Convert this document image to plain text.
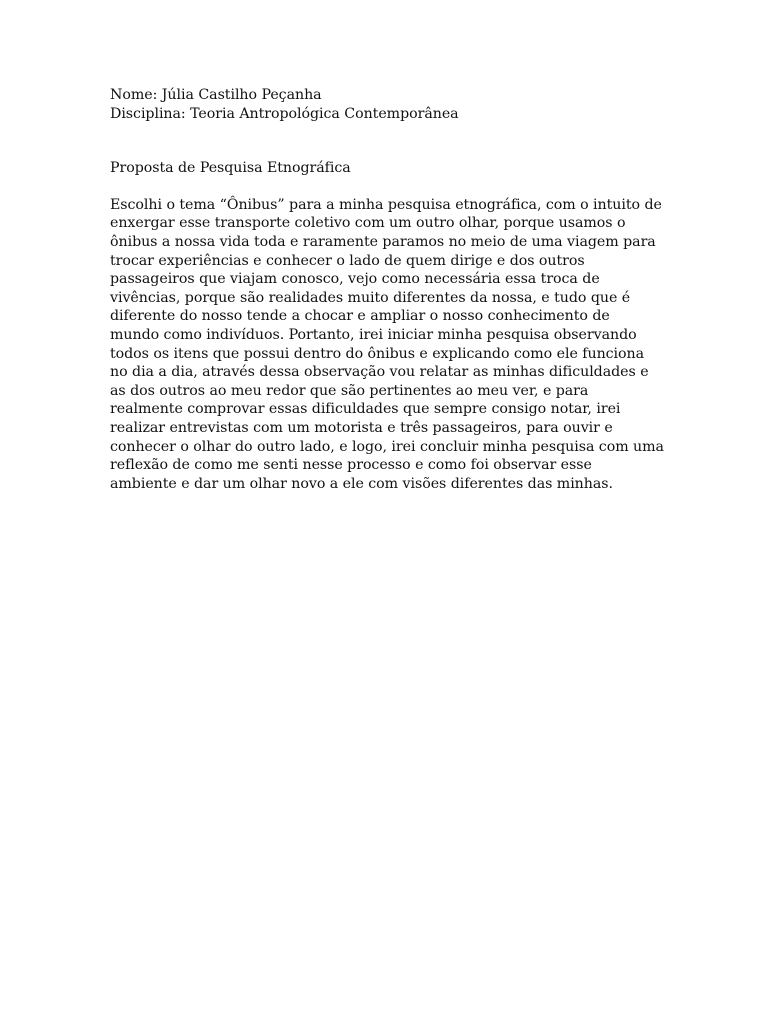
Nome: Júlia Castilho Peçanha
Disciplina: Teoria Antropológica Contemporânea
Proposta de Pesquisa Etnográfica
Escolhi o tema “Ônibus” para a minha pesquisa etnográfica, com o intuito de
enxergar esse transporte coletivo com um outro olhar, porque usamos o
ônibus a nossa vida toda e raramente paramos no meio de uma viagem para
trocar experiências e conhecer o lado de quem dirige e dos outros
passageiros que viajam conosco, vejo como necessária essa troca de
vivências, porque são realidades muito diferentes da nossa, e tudo que é
diferente do nosso tende a chocar e ampliar o nosso conhecimento de
mundo como indivíduos. Portanto, irei iniciar minha pesquisa observando
todos os itens que possui dentro do ônibus e explicando como ele funciona
no dia a dia, através dessa observação vou relatar as minhas dificuldades e
as dos outros ao meu redor que são pertinentes ao meu ver, e para
realmente comprovar essas dificuldades que sempre consigo notar, irei
realizar entrevistas com um motorista e três passageiros, para ouvir e
conhecer o olhar do outro lado, e logo, irei concluir minha pesquisa com uma
reflexão de como me senti nesse processo e como foi observar esse
ambiente e dar um olhar novo a ele com visões diferentes das minhas.
